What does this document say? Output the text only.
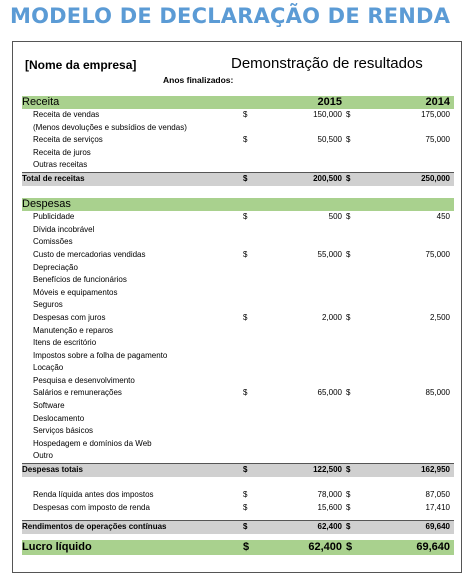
MODELO DE DECLARAÇÃO DE RENDA
[Nome da empresa]	Demonstração de resultados
Anos finalizados:
Receita	2015	2014
Receita de vendas	$	150,000 $	175,000
(Menos devoluções e subsídios de vendas)
Receita de serviços	$	50,500 $	75,000
Receita de juros
Outras receitas
Total de receitas	$	200,500 $	250,000
Despesas
Publicidade	$	500 $	450
Dívida incobrável
Comissões
Custo de mercadorias vendidas	$	55,000 $	75,000
Depreciação
Benefícios de funcionários
Móveis e equipamentos
Seguros
Despesas com juros	$	2,000 $	2,500
Manutenção e reparos
Itens de escritório
Impostos sobre a folha de pagamento
Locação
Pesquisa e desenvolvimento
Salários e remunerações	$	65,000 $	85,000
Software
Deslocamento
Serviços básicos
Hospedagem e domínios da Web
Outro
Despesas totais	$	122,500 $	162,950
Renda líquida antes dos impostos	$	78,000 $	87,050
Despesas com imposto de renda	$	15,600 $	17,410
Rendimentos de operações contínuas	$	62,400 $	69,640
Lucro líquido	$	62,400 $	69,640
